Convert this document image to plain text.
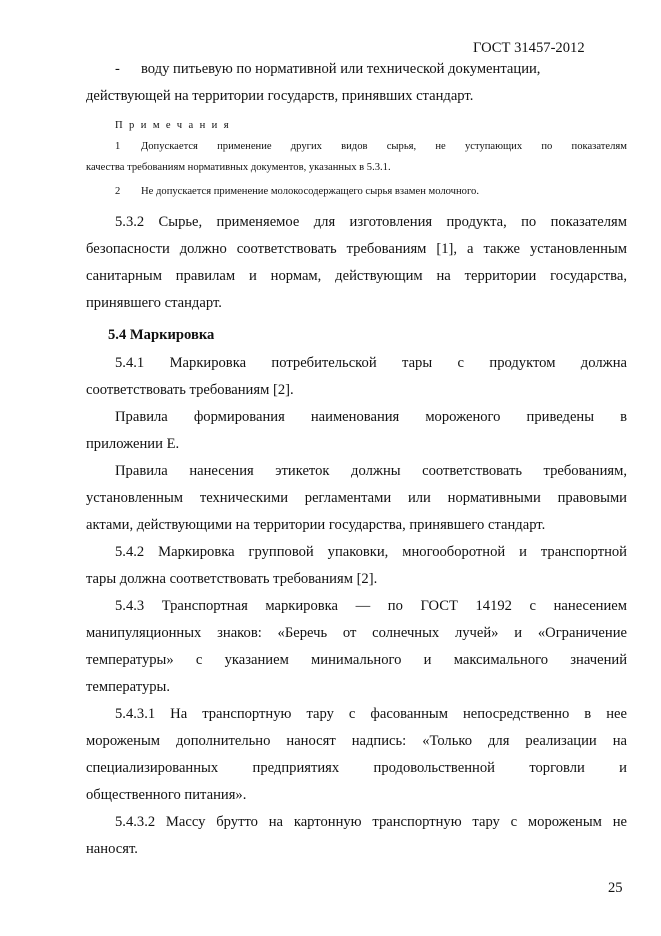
ГОСТ 31457-2012
- воду питьевую по нормативной или технической документации,
действующей на территории государств, принявших стандарт.
Примечания
1 Допускается применение других видов сырья, не уступающих по показателям
качества требованиям нормативных документов, указанных в 5.3.1.
2 Не допускается применение молокосодержащего сырья взамен молочного.
5.3.2 Сырье, применяемое для изготовления продукта, по показателям
безопасности должно соответствовать требованиям [1], а также установленным
санитарным правилам и нормам, действующим на территории государства,
принявшего стандарт.
5.4 Маркировка
5.4.1 Маркировка потребительской тары с продуктом должна
соответствовать требованиям [2].
Правила формирования наименования мороженого приведены в
приложении Е.
Правила нанесения этикеток должны соответствовать требованиям,
установленным техническими регламентами или нормативными правовыми
актами, действующими на территории государства, принявшего стандарт.
5.4.2 Маркировка групповой упаковки, многооборотной и транспортной
тары должна соответствовать требованиям [2].
5.4.3 Транспортная маркировка — по ГОСТ 14192 с нанесением
манипуляционных знаков: «Беречь от солнечных лучей» и «Ограничение
температуры» с указанием минимального и максимального значений
температуры.
5.4.3.1 На транспортную тару с фасованным непосредственно в нее
мороженым дополнительно наносят надпись: «Только для реализации на
специализированных предприятиях продовольственной торговли и
общественного питания».
5.4.3.2 Массу брутто на картонную транспортную тару с мороженым не
наносят.
25
